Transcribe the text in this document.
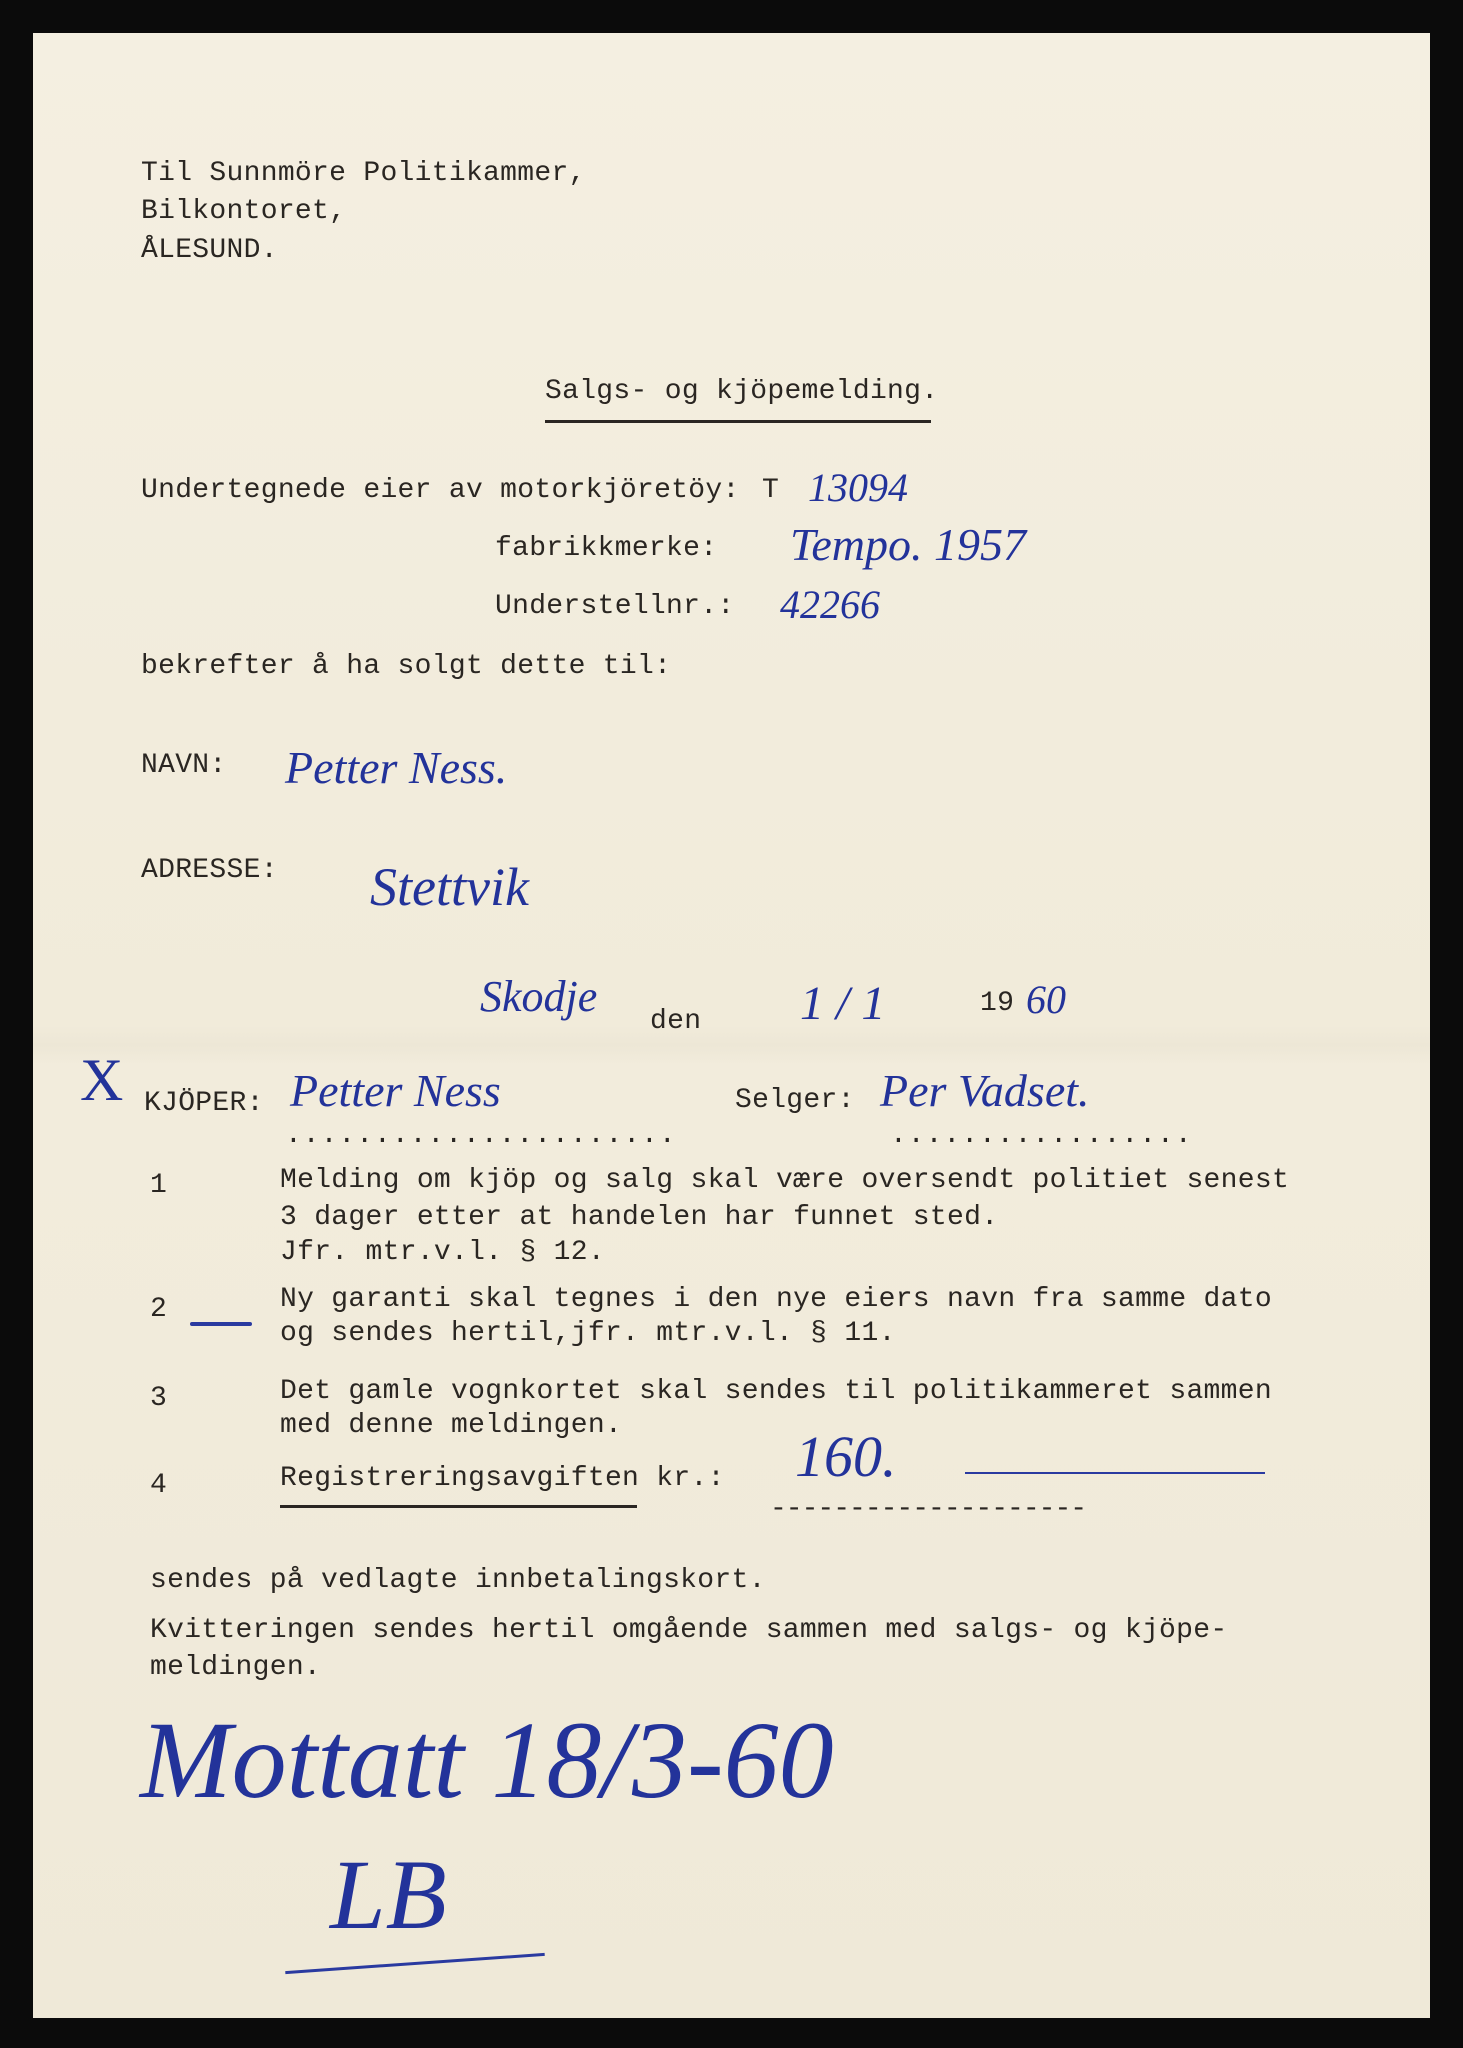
Til Sunnmöre Politikammer,
Bilkontoret,
ÅLESUND.
Salgs- og kjöpemelding.
Undertegnede eier av motorkjöretöy: T 13094
fabrikkmerke: Tempo. 1957
Understellnr.: 42266
bekrefter å ha solgt dette til:
NAVN: Petter Ness.
ADRESSE: Stettvik
Skodje
den 1 / 1	19 60
X KJÖPER: Petter Ness
......................
Selger: Per Vadset.
.................
1	Melding om kjöp og salg skal være oversendt politiet senest
3 dager etter at handelen har funnet sted.
Jfr. mtr.v.l. § 12.
2	Ny garanti skal tegnes i den nye eiers navn fra samme dato
og sendes hertil,jfr. mtr.v.l. § 11.
3	Det gamle vognkortet skal sendes til politikammeret sammen
med denne meldingen.
4	Registreringsavgiften kr.: 160.
--------------------
sendes på vedlagte innbetalingskort.
Kvitteringen sendes hertil omgående sammen med salgs- og kjöpe-
meldingen.
Mottatt 18/3-60
LB
